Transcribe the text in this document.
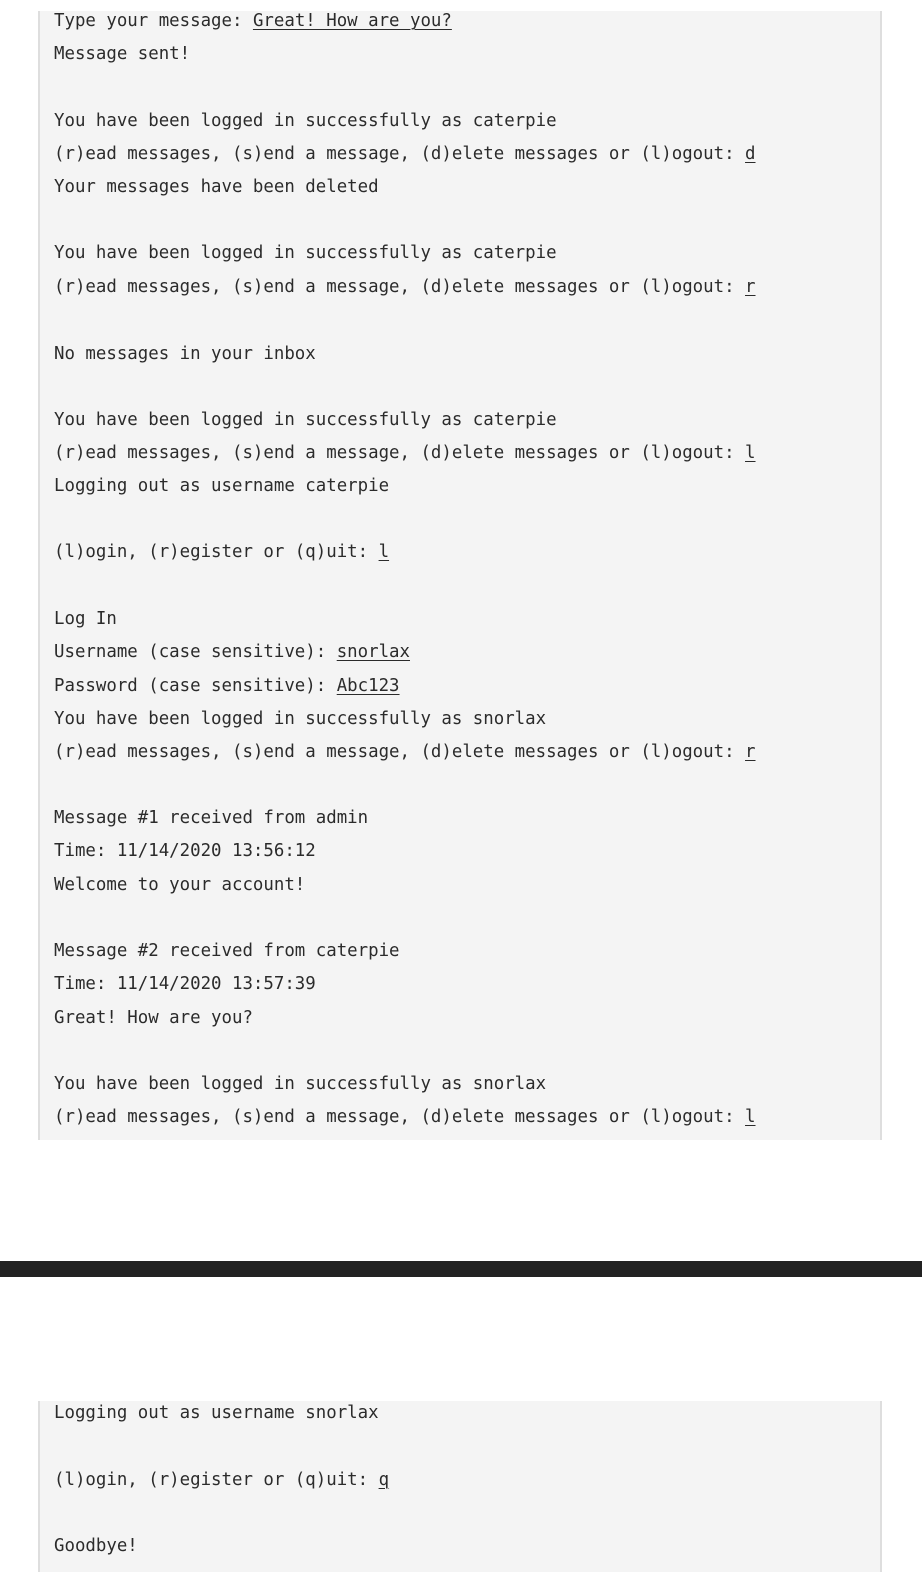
Type your message: Great! How are you?
Message sent!
You have been logged in successfully as caterpie
(r)ead messages, (s)end a message, (d)elete messages or (l)ogout: d
Your messages have been deleted
You have been logged in successfully as caterpie
(r)ead messages, (s)end a message, (d)elete messages or (l)ogout: r
No messages in your inbox
You have been logged in successfully as caterpie
(r)ead messages, (s)end a message, (d)elete messages or (l)ogout: l
Logging out as username caterpie
(l)ogin, (r)egister or (q)uit: l
Log In
Username (case sensitive): snorlax
Password (case sensitive): Abc123
You have been logged in successfully as snorlax
(r)ead messages, (s)end a message, (d)elete messages or (l)ogout: r
Message #1 received from admin
Time: 11/14/2020 13:56:12
Welcome to your account!
Message #2 received from caterpie
Time: 11/14/2020 13:57:39
Great! How are you?
You have been logged in successfully as snorlax
(r)ead messages, (s)end a message, (d)elete messages or (l)ogout: l
Logging out as username snorlax
(l)ogin, (r)egister or (q)uit: q
Goodbye!
